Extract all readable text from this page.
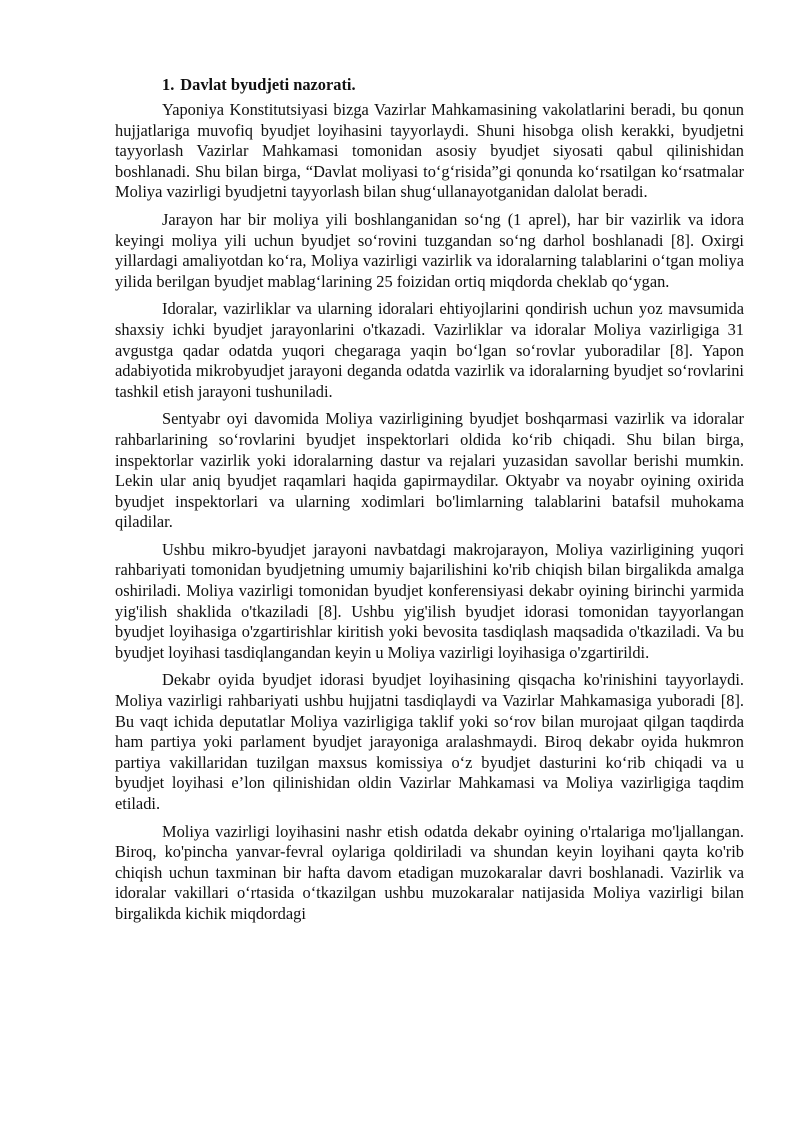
1. Davlat byudjeti nazorati.

Yaponiya Konstitutsiyasi bizga Vazirlar Mahkamasining vakolatlarini beradi, bu qonun hujjatlariga muvofiq byudjet loyihasini tayyorlaydi. Shuni hisobga olish kerakki, byudjetni tayyorlash Vazirlar Mahkamasi tomonidan asosiy byudjet siyosati qabul qilinishidan boshlanadi. Shu bilan birga, “Davlat moliyasi to‘g‘risida”gi qonunda ko‘rsatilgan ko‘rsatmalar Moliya vazirligi byudjetni tayyorlash bilan shug‘ullanayotganidan dalolat beradi.

Jarayon har bir moliya yili boshlanganidan so‘ng (1 aprel), har bir vazirlik va idora keyingi moliya yili uchun byudjet so‘rovini tuzgandan so‘ng darhol boshlanadi [8]. Oxirgi yillardagi amaliyotdan ko‘ra, Moliya vazirligi vazirlik va idoralarning talablarini o‘tgan moliya yilida berilgan byudjet mablag‘larining 25 foizidan ortiq miqdorda cheklab qo‘ygan.

Idoralar, vazirliklar va ularning idoralari ehtiyojlarini qondirish uchun yoz mavsumida shaxsiy ichki byudjet jarayonlarini o'tkazadi. Vazirliklar va idoralar Moliya vazirligiga 31 avgustga qadar odatda yuqori chegaraga yaqin bo‘lgan so‘rovlar yuboradilar [8]. Yapon adabiyotida mikrobyudjet jarayoni deganda odatda vazirlik va idoralarning byudjet so‘rovlarini tashkil etish jarayoni tushuniladi.

Sentyabr oyi davomida Moliya vazirligining byudjet boshqarmasi vazirlik va idoralar rahbarlarining so‘rovlarini byudjet inspektorlari oldida ko‘rib chiqadi. Shu bilan birga, inspektorlar vazirlik yoki idoralarning dastur va rejalari yuzasidan savollar berishi mumkin. Lekin ular aniq byudjet raqamlari haqida gapirmaydilar. Oktyabr va noyabr oyining oxirida byudjet inspektorlari va ularning xodimlari bo'limlarning talablarini batafsil muhokama qiladilar.

Ushbu mikro-byudjet jarayoni navbatdagi makrojarayon, Moliya vazirligining yuqori rahbariyati tomonidan byudjetning umumiy bajarilishini ko'rib chiqish bilan birgalikda amalga oshiriladi. Moliya vazirligi tomonidan byudjet konferensiyasi dekabr oyining birinchi yarmida yig'ilish shaklida o'tkaziladi [8]. Ushbu yig'ilish byudjet idorasi tomonidan tayyorlangan byudjet loyihasiga o'zgartirishlar kiritish yoki bevosita tasdiqlash maqsadida o'tkaziladi. Va bu byudjet loyihasi tasdiqlangandan keyin u Moliya vazirligi loyihasiga o'zgartirildi.

Dekabr oyida byudjet idorasi byudjet loyihasining qisqacha ko'rinishini tayyorlaydi. Moliya vazirligi rahbariyati ushbu hujjatni tasdiqlaydi va Vazirlar Mahkamasiga yuboradi [8]. Bu vaqt ichida deputatlar Moliya vazirligiga taklif yoki so‘rov bilan murojaat qilgan taqdirda ham partiya yoki parlament byudjet jarayoniga aralashmaydi. Biroq dekabr oyida hukmron partiya vakillaridan tuzilgan maxsus komissiya o‘z byudjet dasturini ko‘rib chiqadi va u byudjet loyihasi e’lon qilinishidan oldin Vazirlar Mahkamasi va Moliya vazirligiga taqdim etiladi.

Moliya vazirligi loyihasini nashr etish odatda dekabr oyining o'rtalariga mo'ljallangan. Biroq, ko'pincha yanvar-fevral oylariga qoldiriladi va shundan keyin loyihani qayta ko'rib chiqish uchun taxminan bir hafta davom etadigan muzokaralar davri boshlanadi. Vazirlik va idoralar vakillari o‘rtasida o‘tkazilgan ushbu muzokaralar natijasida Moliya vazirligi bilan birgalikda kichik miqdordagi
